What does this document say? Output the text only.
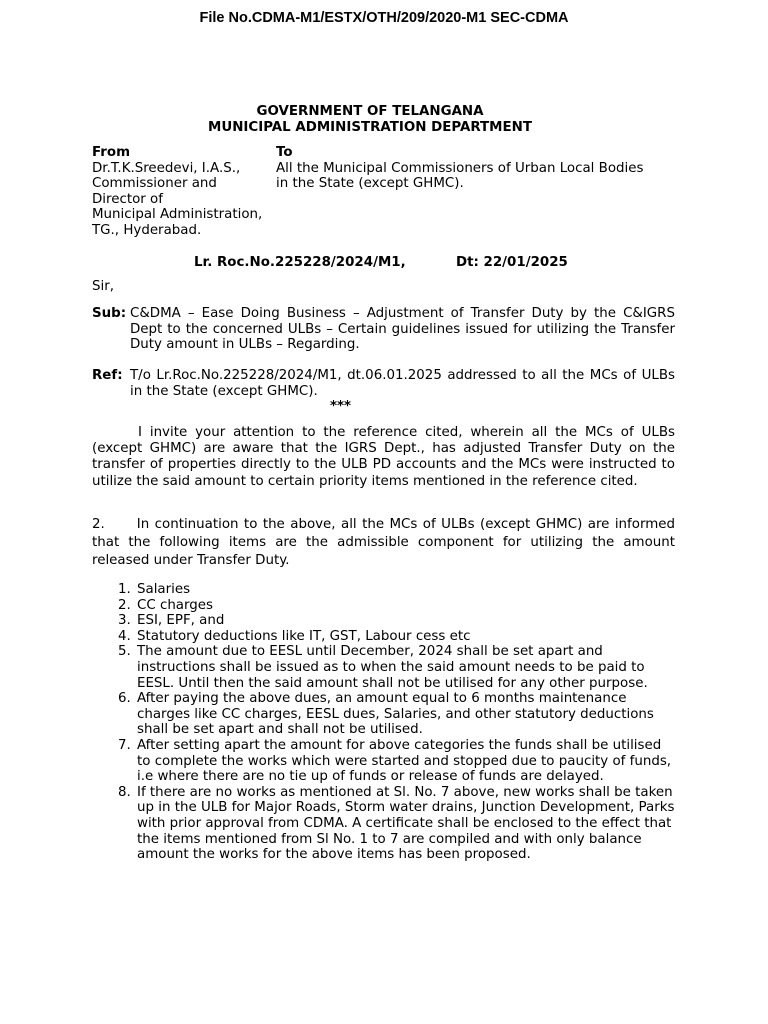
File No.CDMA-M1/ESTX/OTH/209/2020-M1 SEC-CDMA
GOVERNMENT OF TELANGANA
MUNICIPAL ADMINISTRATION DEPARTMENT
From
Dr.T.K.Sreedevi, I.A.S.,
Commissioner and
Director of
Municipal Administration,
TG., Hyderabad.
To
All the Municipal Commissioners of Urban Local Bodies
in the State (except GHMC).
Lr. Roc.No.225228/2024/M1,	Dt: 22/01/2025
Sir,
Sub: C&DMA – Ease Doing Business – Adjustment of Transfer Duty by the C&IGRS Dept to the concerned ULBs – Certain guidelines issued for utilizing the Transfer Duty amount in ULBs – Regarding.
Ref: T/o Lr.Roc.No.225228/2024/M1, dt.06.01.2025 addressed to all the MCs of ULBs in the State (except GHMC).
***
I invite your attention to the reference cited, wherein all the MCs of ULBs (except GHMC) are aware that the IGRS Dept., has adjusted Transfer Duty on the transfer of properties directly to the ULB PD accounts and the MCs were instructed to utilize the said amount to certain priority items mentioned in the reference cited.
2. In continuation to the above, all the MCs of ULBs (except GHMC) are informed that the following items are the admissible component for utilizing the amount released under Transfer Duty.
1. Salaries
2. CC charges
3. ESI, EPF, and
4. Statutory deductions like IT, GST, Labour cess etc
5. The amount due to EESL until December, 2024 shall be set apart and instructions shall be issued as to when the said amount needs to be paid to EESL. Until then the said amount shall not be utilised for any other purpose.
6. After paying the above dues, an amount equal to 6 months maintenance charges like CC charges, EESL dues, Salaries, and other statutory deductions shall be set apart and shall not be utilised.
7. After setting apart the amount for above categories the funds shall be utilised to complete the works which were started and stopped due to paucity of funds, i.e where there are no tie up of funds or release of funds are delayed.
8. If there are no works as mentioned at Sl. No. 7 above, new works shall be taken up in the ULB for Major Roads, Storm water drains, Junction Development, Parks with prior approval from CDMA. A certificate shall be enclosed to the effect that the items mentioned from Sl No. 1 to 7 are compiled and with only balance amount the works for the above items has been proposed.
